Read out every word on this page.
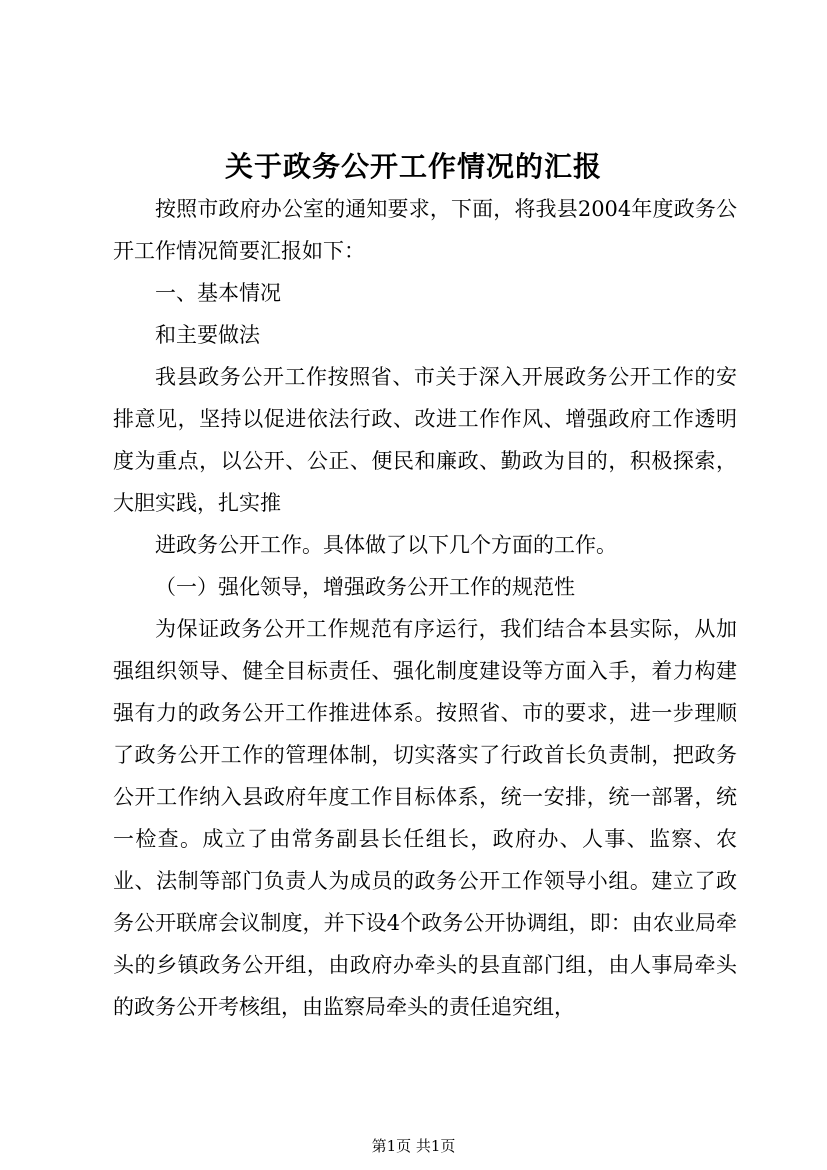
关于政务公开工作情况的汇报

按照市政府办公室的通知要求，下面，将我县2004年度政务公开工作情况简要汇报如下：

一、基本情况

和主要做法

我县政务公开工作按照省、市关于深入开展政务公开工作的安排意见，坚持以促进依法行政、改进工作作风、增强政府工作透明度为重点，以公开、公正、便民和廉政、勤政为目的，积极探索，大胆实践，扎实推

进政务公开工作。具体做了以下几个方面的工作。

（一）强化领导，增强政务公开工作的规范性

为保证政务公开工作规范有序运行，我们结合本县实际，从加强组织领导、健全目标责任、强化制度建设等方面入手，着力构建强有力的政务公开工作推进体系。按照省、市的要求，进一步理顺了政务公开工作的管理体制，切实落实了行政首长负责制，把政务公开工作纳入县政府年度工作目标体系，统一安排，统一部署，统一检查。成立了由常务副县长任组长，政府办、人事、监察、农业、法制等部门负责人为成员的政务公开工作领导小组。建立了政务公开联席会议制度，并下设4个政务公开协调组，即：由农业局牵头的乡镇政务公开组，由政府办牵头的县直部门组，由人事局牵头的政务公开考核组，由监察局牵头的责任追究组，

第1页 共1页
